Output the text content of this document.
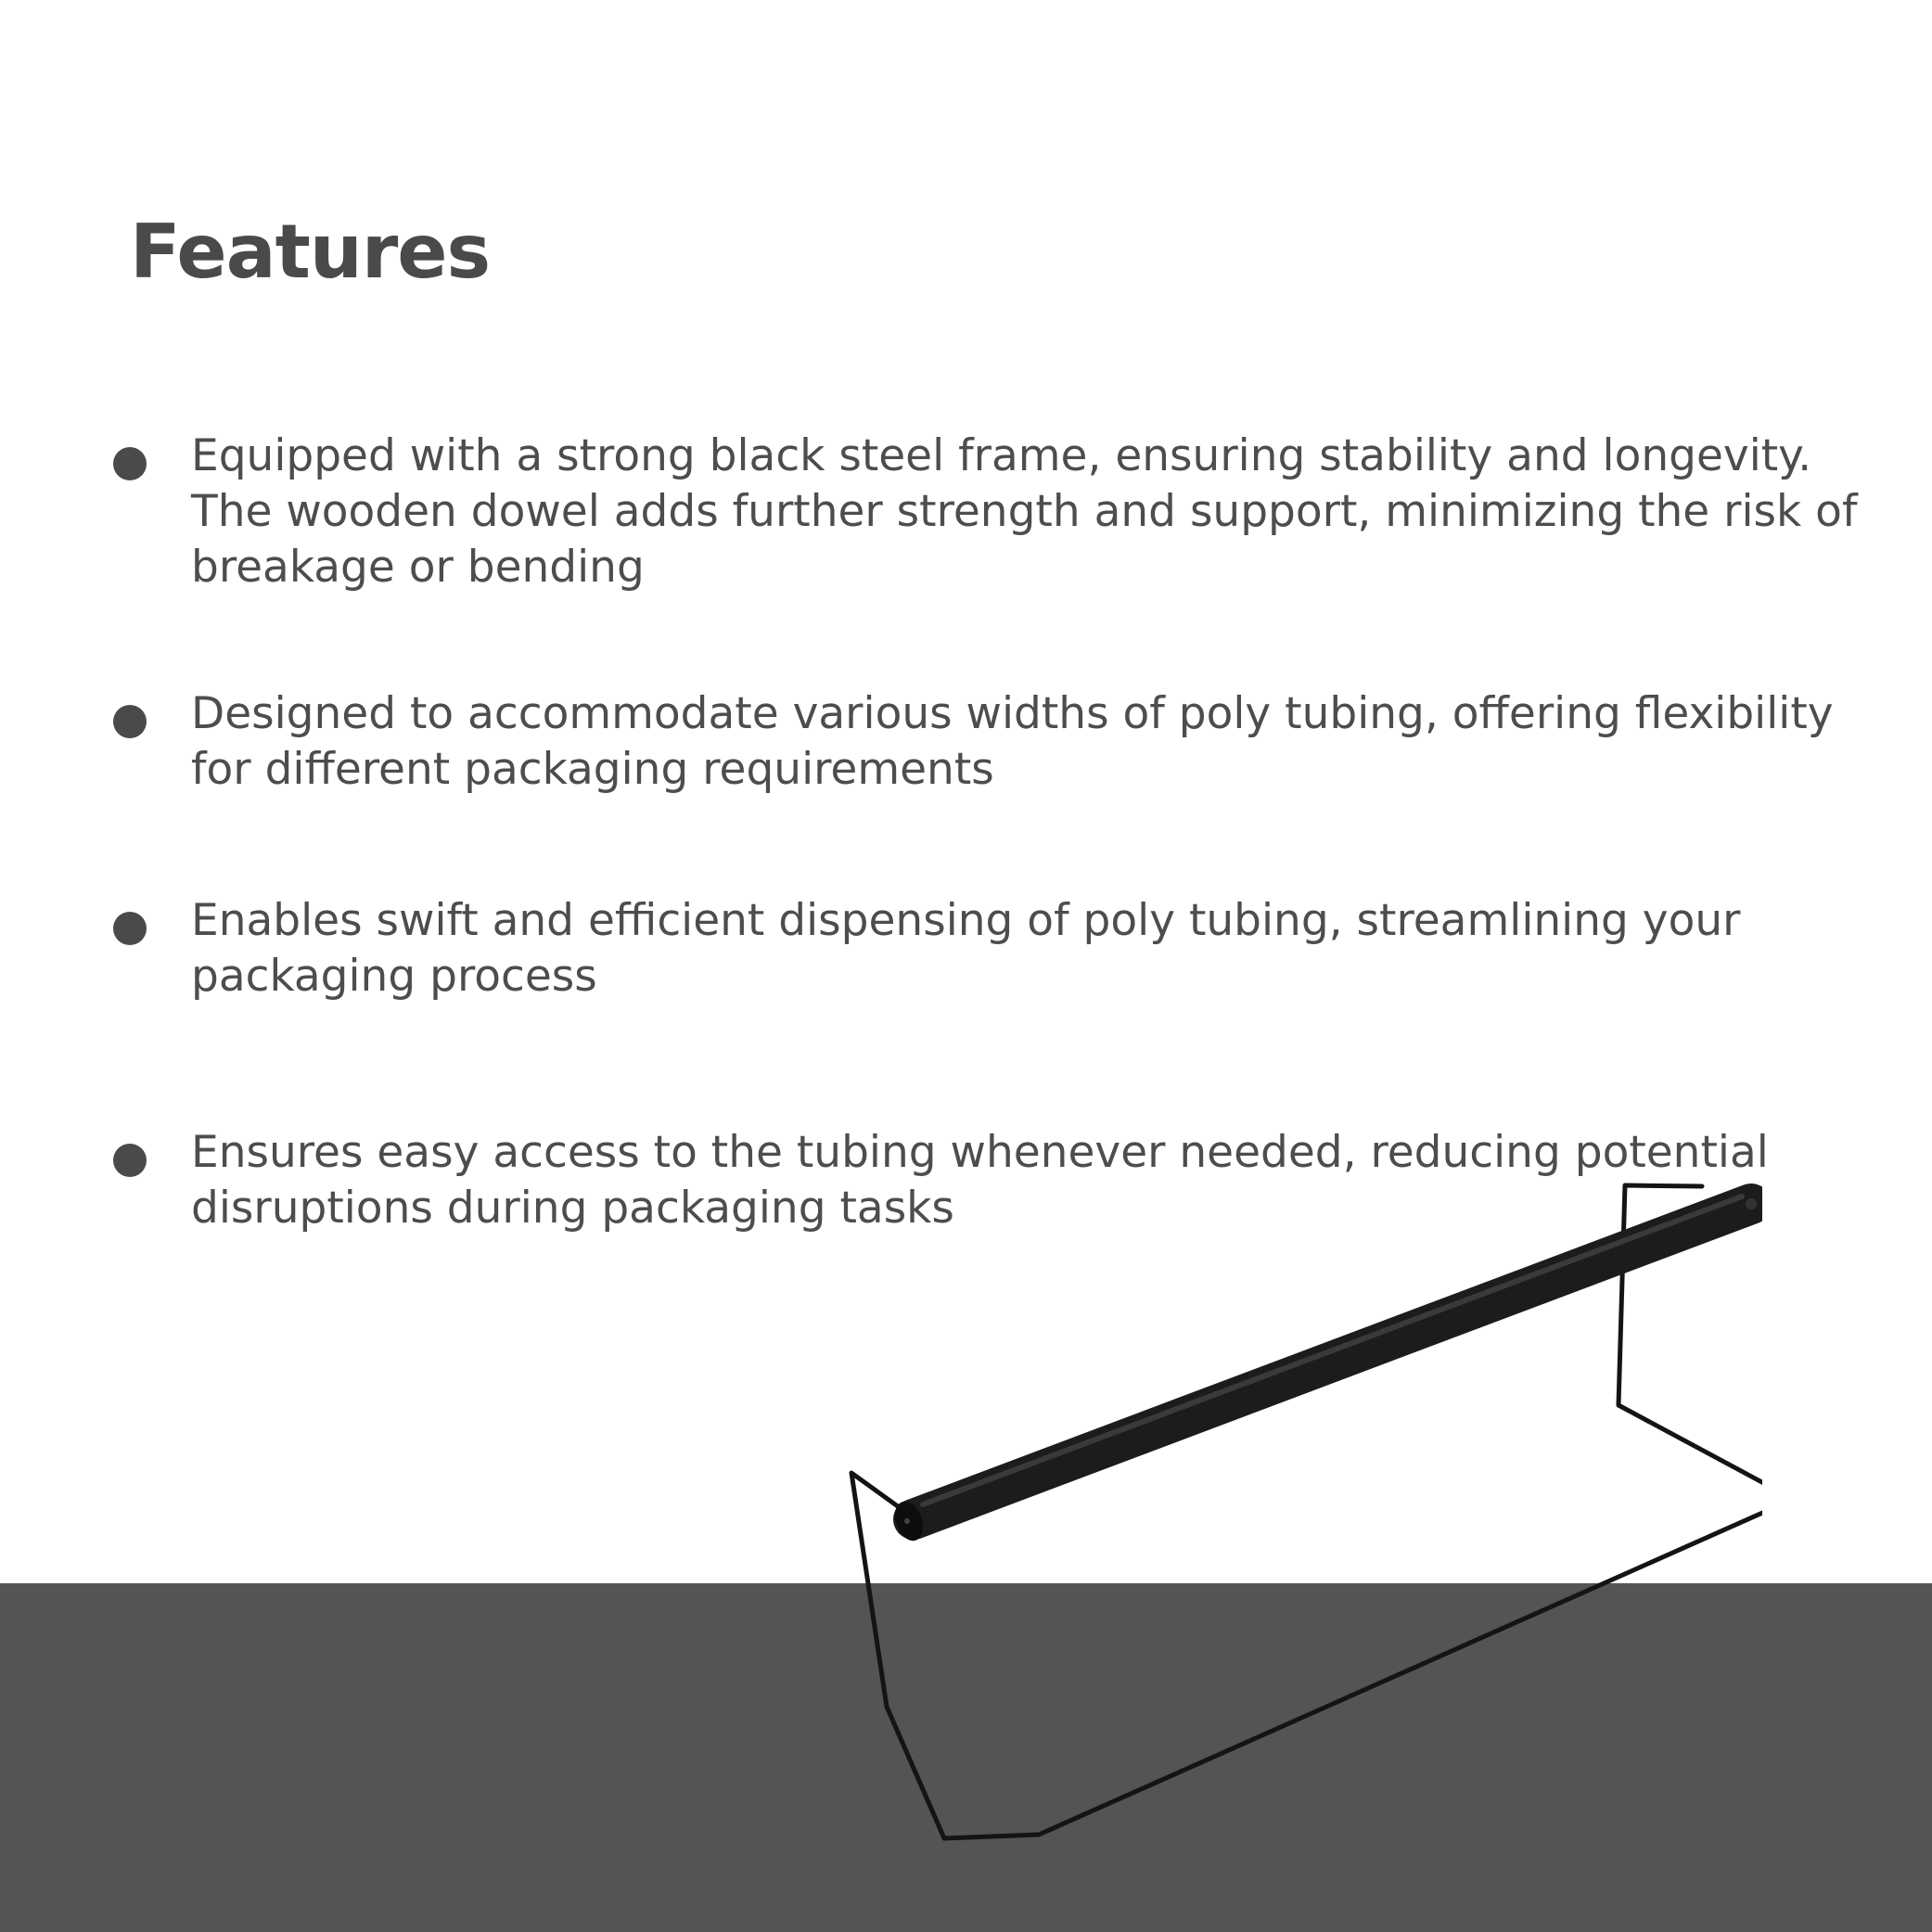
Features

Equipped with a strong black steel frame, ensuring stability and longevity. The wooden dowel adds further strength and support, minimizing the risk of breakage or bending

Designed to accommodate various widths of poly tubing, offering flexibility for different packaging requirements

Enables swift and efficient dispensing of poly tubing, streamlining your packaging process

Ensures easy access to the tubing whenever needed, reducing potential disruptions during packaging tasks
